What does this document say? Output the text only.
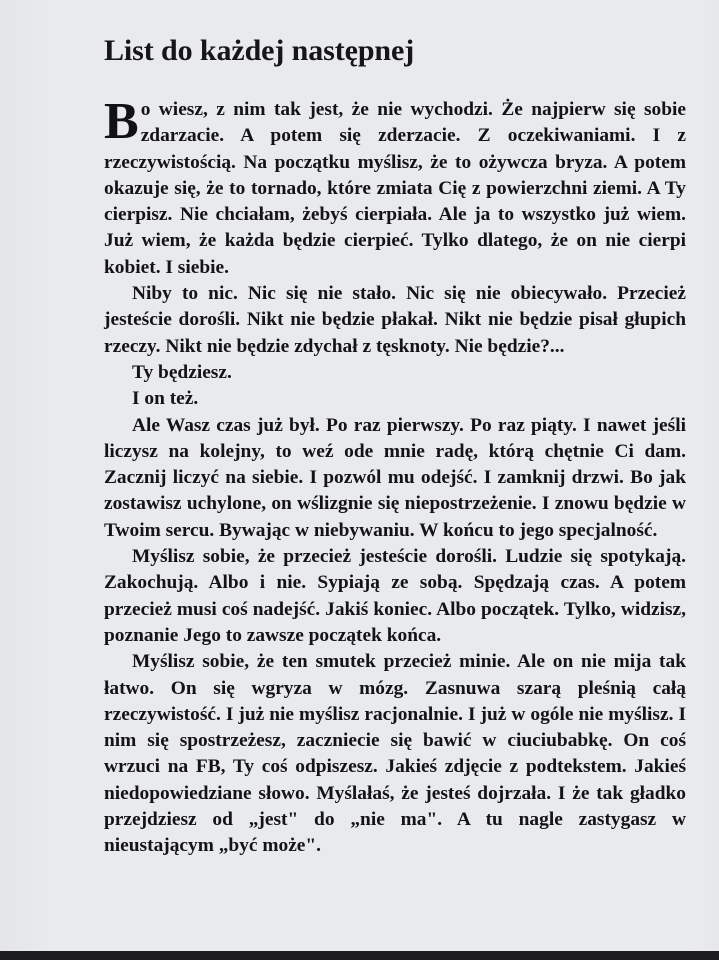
List do każdej następnej

Bo wiesz, z nim tak jest, że nie wychodzi. Że najpierw się sobie zdarzacie. A potem się zderzacie. Z oczekiwaniami. I z rzeczywistością. Na początku myślisz, że to ożywcza bryza. A potem okazuje się, że to tornado, które zmiata Cię z powierzchni ziemi. A Ty cierpisz. Nie chciałam, żebyś cierpiała. Ale ja to wszystko już wiem. Już wiem, że każda będzie cierpieć. Tylko dlatego, że on nie cierpi kobiet. I siebie.

Niby to nic. Nic się nie stało. Nic się nie obiecywało. Przecież jesteście dorośli. Nikt nie będzie płakał. Nikt nie będzie pisał głupich rzeczy. Nikt nie będzie zdychał z tęsknoty. Nie będzie?...

Ty będziesz.

I on też.

Ale Wasz czas już był. Po raz pierwszy. Po raz piąty. I nawet jeśli liczysz na kolejny, to weź ode mnie radę, którą chętnie Ci dam. Zacznij liczyć na siebie. I pozwól mu odejść. I zamknij drzwi. Bo jak zostawisz uchylone, on wślizgnie się niepostrzeżenie. I znowu będzie w Twoim sercu. Bywając w niebywaniu. W końcu to jego specjalność.

Myślisz sobie, że przecież jesteście dorośli. Ludzie się spotykają. Zakochują. Albo i nie. Sypiają ze sobą. Spędzają czas. A potem przecież musi coś nadejść. Jakiś koniec. Albo początek. Tylko, widzisz, poznanie Jego to zawsze początek końca.

Myślisz sobie, że ten smutek przecież minie. Ale on nie mija tak łatwo. On się wgryza w mózg. Zasnuwa szarą pleśnią całą rzeczywistość. I już nie myślisz racjonalnie. I już w ogóle nie myślisz. I nim się spostrzeżesz, zaczniecie się bawić w ciuciubabkę. On coś wrzuci na FB, Ty coś odpiszesz. Jakieś zdjęcie z podtekstem. Jakieś niedopowiedziane słowo. Myślałaś, że jesteś dojrzała. I że tak gładko przejdziesz od „jest" do „nie ma". A tu nagle zastygasz w nieustającym „być może".
